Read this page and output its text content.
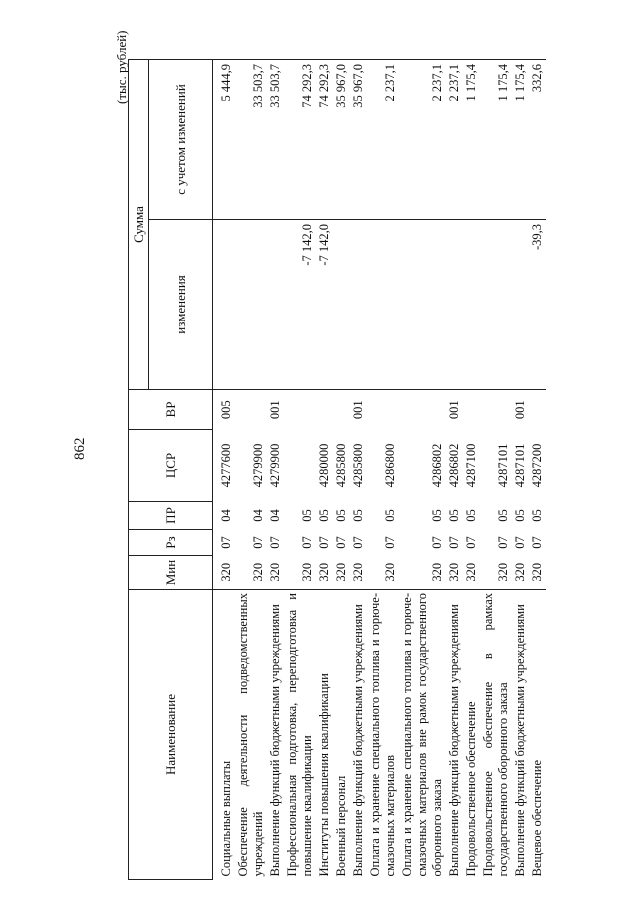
862
(тыс. рублей)
Наименование	Мин	Рз	ПР	ЦСР	ВР	Сумма	
						изменения	с учетом изменений
Социальные выплаты	320	07	04	4277600	005		5 444,9
Обеспечение деятельности подведомственных учреждений	320	07	04	4279900			33 503,7
Выполнение функций бюджетными учреждениями	320	07	04	4279900	001		33 503,7
Профессиональная подготовка, переподготовка и повышение квалификации	320	07	05			-7 142,0	74 292,3
Институты повышения квалификации	320	07	05	4280000		-7 142,0	74 292,3
Военный персонал	320	07	05	4285800			35 967,0
Выполнение функций бюджетными учреждениями	320	07	05	4285800	001		35 967,0
Оплата и хранение специального топлива и горюче-смазочных материалов	320	07	05	4286800			2 237,1
Оплата и хранение специального топлива и горюче-смазочных материалов вне рамок государственного оборонного заказа	320	07	05	4286802			2 237,1
Выполнение функций бюджетными учреждениями	320	07	05	4286802	001		2 237,1
Продовольственное обеспечение	320	07	05	4287100			1 175,4
Продовольственное обеспечение в рамках государственного оборонного заказа	320	07	05	4287101			1 175,4
Выполнение функций бюджетными учреждениями	320	07	05	4287101	001		1 175,4
Вещевое обеспечение	320	07	05	4287200		-39,3	332,6
